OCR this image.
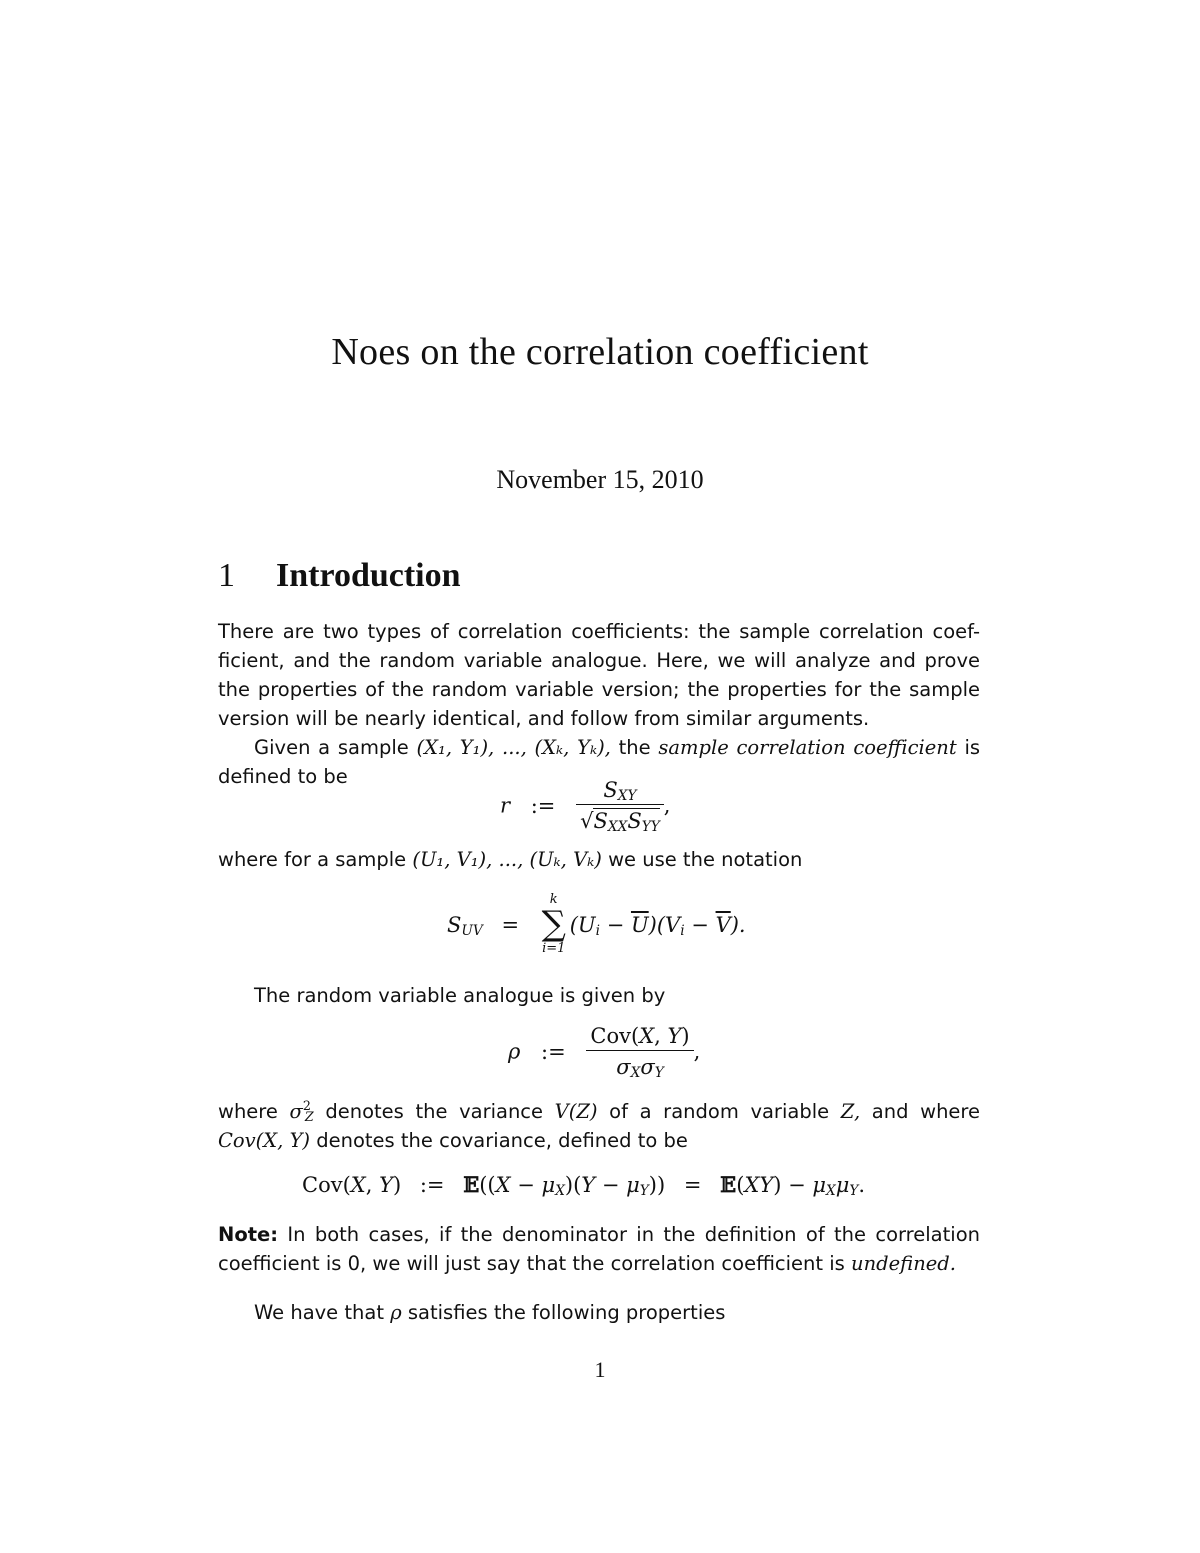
Noes on the correlation coefficient
November 15, 2010
1 Introduction
There are two types of correlation coefficients: the sample correlation coef-
ficient, and the random variable analogue. Here, we will analyze and prove
the properties of the random variable version; the properties for the sample
version will be nearly identical, and follow from similar arguments.
Given a sample (X₁, Y₁), ..., (Xₖ, Yₖ), the sample correlation coefficient is
defined to be
r := $\frac{S_{XY}}{√S_{XX}S_{YY}}$ ,
where for a sample (U₁, V₁), ..., (Uₖ, Vₖ) we use the notation
$S_{UV}$ =
k
∑
i=1
$(U_i - \overline{U})(V_i - \overline{V})$.
The random variable analogue is given by
ρ := $\frac{\text{Cov(X, Y)}}{\sigma_X\sigma_Y}$ ,
where $\sigma^2_Z$ denotes the variance V(Z) of a random variable Z, and where
Cov(X, Y) denotes the covariance, defined to be
Cov(X, Y) := 𝔼((X − $\mu_X)(Y - \mu_Y)$) = 𝔼(XY) − $\mu_X\mu_Y$.
Note: In both cases, if the denominator in the definition of the correlation
coefficient is 0, we will just say that the correlation coefficient is undefined.
We have that ρ satisfies the following properties
1
